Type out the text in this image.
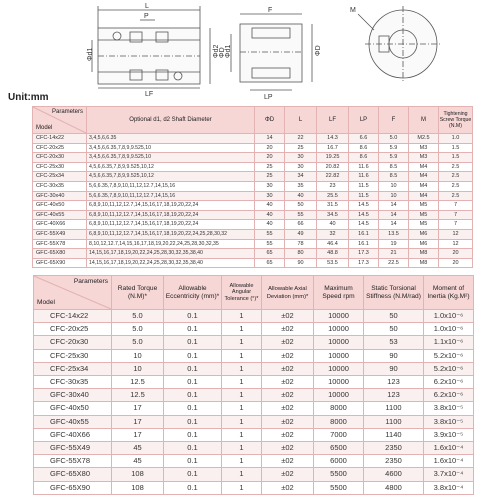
L
P
Φd1	Φd2 ΦD
LF
F
Φd1	ΦD
LP
M
Unit:mm
Parameters
Model	Optional d1, d2 Shaft Diameter	ΦD	L	LF	LP	F	M	Tightening Screw Torque (N.M)
CFC-14x22	3,4,5,6,6.35	14	22	14.3	6.6	5.0	M2.5	1.0
CFC-20x25	3,4,5,6,6.35,7,8,9,9.525,10	20	25	16.7	8.6	5.9	M3	1.5
CFC-20x30	3,4,5,6,6.35,7,8,9,9.525,10	20	30	19.25	8.6	5.9	M3	1.5
CFC-25x30	4,5,6,6.35,7,8,9,9.525,10,12	25	30	20.82	11.6	8.5	M4	2.5
CFC-25x34	4,5,6,6.35,7,8,9,9.525,10,12	25	34	22.82	11.6	8.5	M4	2.5
CFC-30x35	5,6,6.35,7,8,9,10,11,12,12.7,14,15,16	30	35	23	11.5	10	M4	2.5
GFC-30x40	5,6,6.35,7,8,9,10,11,12,12.7,14,15,16	30	40	25.5	11.5	10	M4	2.5
GFC-40x50	6,8,9,10,11,12,12.7,14,15,16,17,18,19,20,22,24	40	50	31.5	14.5	14	M5	7
GFC-40x55	6,8,9,10,11,12,12.7,14,15,16,17,18,19,20,22,24	40	55	34.5	14.5	14	M5	7
GFC-40X66	6,8,9,10,11,12,12.7,14,15,16,17,18,19,20,22,24	40	66	40	14.5	14	M5	7
GFC-55X49	6,8,9,10,11,12,12.7,14,15,16,17,18,19,20,22,24,25,28,30,32	55	49	32	16.1	13.5	M6	12
GFC-55X78	8,10,12,12.7,14,15,16,17,18,19,20,22,24,25,28,30,32,35	55	78	46.4	16.1	19	M6	12
GFC-65X80	14,15,16,17,18,19,20,22,24,25,28,30,32,35,38,40	65	80	48.8	17.3	21	M8	20
GFC-65X90	14,15,16,17,18,19,20,22,24,25,28,30,32,35,38,40	65	90	53.5	17.3	22.5	M8	20
Parameters
Model	Rated Torque (N.M)*	Allowable Eccentricity (mm)*	Allowable Angular Tolerance (°)*	Allowable Axial Deviation (mm)*	Maximum Speed rpm	Static Torsional Stiffness (N.M/rad)	Moment of Inertia (Kg.M²)
CFC-14x22	5.0	0.1	1	±02	10000	50	1.0x10⁻⁶
CFC-20x25	5.0	0.1	1	±02	10000	50	1.0x10⁻⁶
CFC-20x30	5.0	0.1	1	±02	10000	53	1.1x10⁻⁶
CFC-25x30	10	0.1	1	±02	10000	90	5.2x10⁻⁶
CFC-25x34	10	0.1	1	±02	10000	90	5.2x10⁻⁶
CFC-30x35	12.5	0.1	1	±02	10000	123	6.2x10⁻⁶
GFC-30x40	12.5	0.1	1	±02	10000	123	6.2x10⁻⁶
GFC-40x50	17	0.1	1	±02	8000	1100	3.8x10⁻⁵
GFC-40x55	17	0.1	1	±02	8000	1100	3.8x10⁻⁵
GFC-40X66	17	0.1	1	±02	7000	1140	3.9x10⁻⁵
GFC-55X49	45	0.1	1	±02	6500	2350	1.6x10⁻⁴
GFC-55X78	45	0.1	1	±02	6000	2350	1.6x10⁻⁴
GFC-65X80	108	0.1	1	±02	5500	4600	3.7x10⁻⁴
GFC-65X90	108	0.1	1	±02	5500	4800	3.8x10⁻⁴
